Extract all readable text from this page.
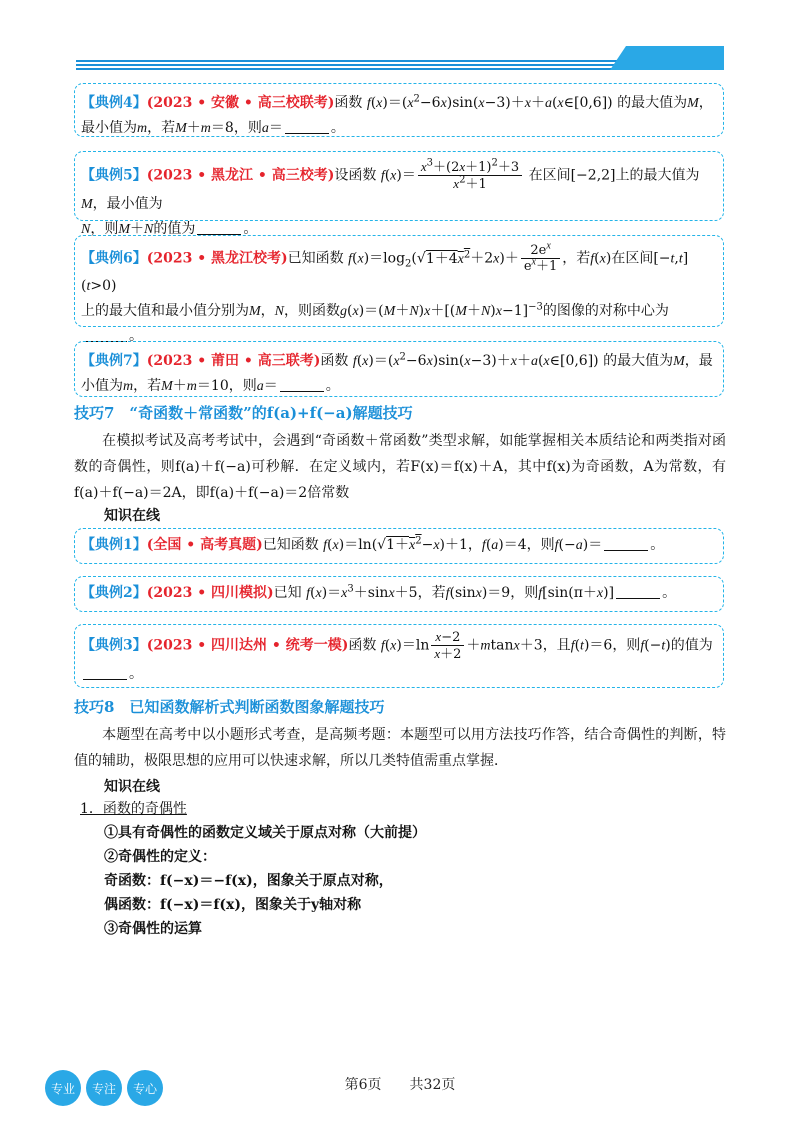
【典例4】(2023 • 安徽 • 高三校联考)函数 $f(x)=(x^2-6x)\sin(x-3)+x+a(x\in[0,6])$ 的最大值为M，最小值为m，若M＋m＝8，则a＝	。
【典例5】(2023 • 黑龙江 • 高三校考)设函数 $f(x)= \frac{x^3+(2x+1)^2+3}{x^2+1}$ 在区间[−2,2]上的最大值为M，最小值为
N，则M＋N的值为	。
【典例6】(2023 • 黑龙江校考)已知函数 $f(x)=\log_2(√1+4x^2+2x)+ \frac{2e^x}{e^x+1}$ ，若f(x)在区间[−t,t](t>0)
上的最大值和最小值分别为M，N，则函数$g(x)=(M+N)x+[(M+N)x-1]^{-3}$的图像的对称中心为
。
【典例7】(2023 • 莆田 • 高三联考)函数 $f(x)=(x^2-6x)\sin(x-3)+x+a(x\in[0,6])$ 的最大值为M，最小值为m，若M＋m＝10，则a＝	。
技巧7　“奇函数＋常函数”的f(a)+f(−a)解题技巧
在模拟考试及高考考试中，会遇到“奇函数＋常函数”类型求解，如能掌握相关本质结论和两类指对函数的奇偶性，则f(a)＋f(−a)可秒解．在定义域内，若F(x)＝f(x)＋A，其中f(x)为奇函数，A为常数，有f(a)＋f(−a)＝2A，即f(a)＋f(−a)＝2倍常数
知识在线
【典例1】(全国 • 高考真题)已知函数 $f(x)=\ln(√1+x^2-x)+1$，f(a)＝4，则f(−a)＝	。
【典例2】(2023 • 四川模拟)已知 $f(x)=x^3+\sin x+5$，若f(sinx)＝9，则f[sin(π＋x)]	。
【典例3】(2023 • 四川达州 • 统考一模)函数 $f(x)=\ln \frac{x-2}{x+2} +mtanx+3$，且f(t)＝6，则f(−t)的值为
。
技巧8　已知函数解析式判断函数图象解题技巧
本题型在高考中以小题形式考查，是高频考题：本题型可以用方法技巧作答，结合奇偶性的判断，特值的辅助，极限思想的应用可以快速求解，所以几类特值需重点掌握．
知识在线
1．函数的奇偶性
①具有奇偶性的函数定义域关于原点对称（大前提）
②奇偶性的定义：
奇函数：f(−x)＝−f(x)，图象关于原点对称，
偶函数：f(−x)＝f(x)，图象关于y轴对称
③奇偶性的运算
专业 专注 专心	第6页　　共32页
